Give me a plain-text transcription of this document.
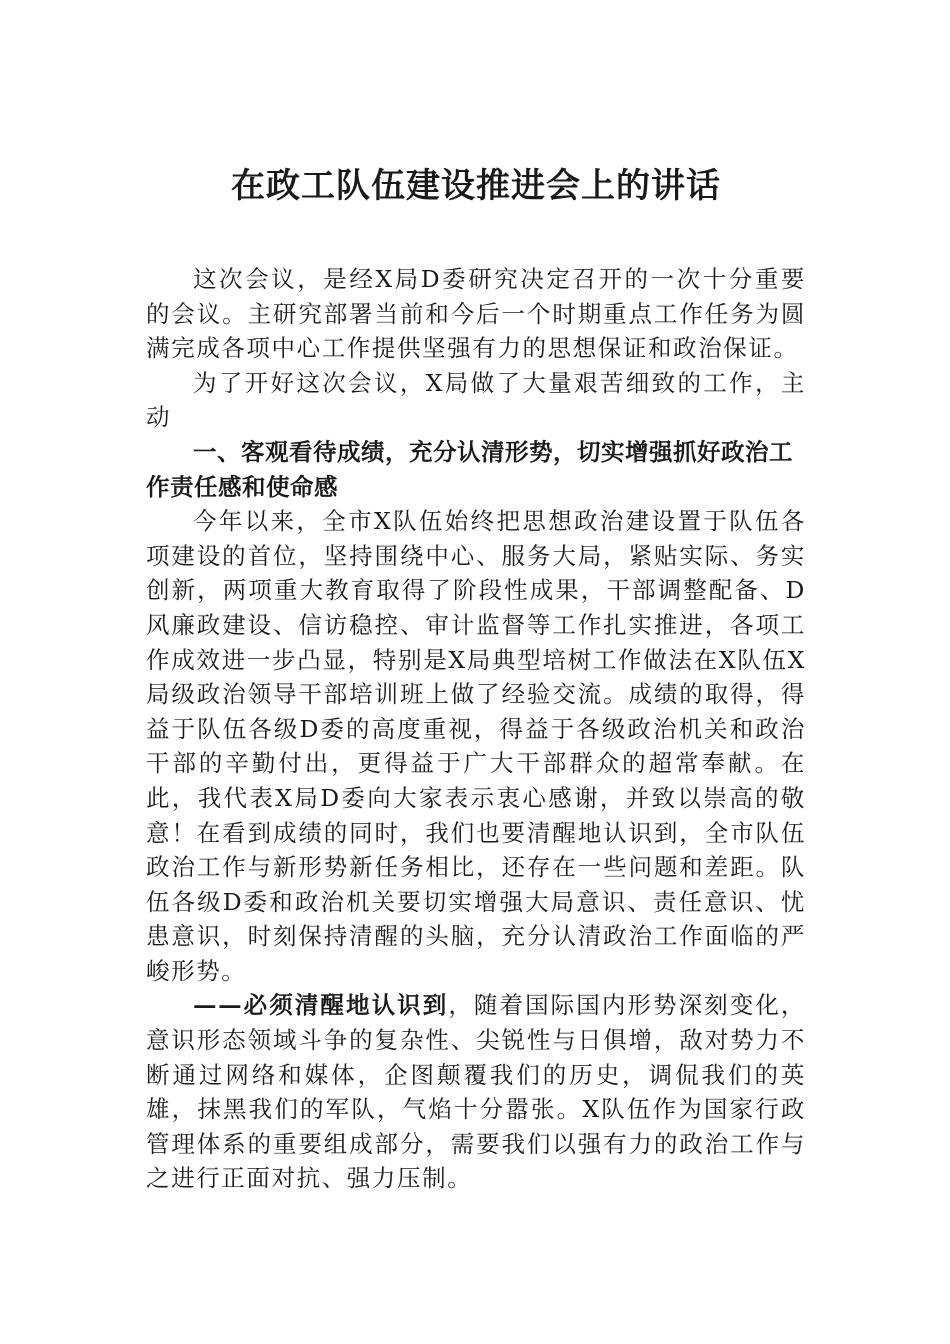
在政工队伍建设推进会上的讲话

这次会议，是经X局D委研究决定召开的一次十分重要的会议。主研究部署当前和今后一个时期重点工作任务为圆满完成各项中心工作提供坚强有力的思想保证和政治保证。

为了开好这次会议，X局做了大量艰苦细致的工作，主动

一、客观看待成绩，充分认清形势，切实增强抓好政治工作责任感和使命感

今年以来，全市X队伍始终把思想政治建设置于队伍各项建设的首位，坚持围绕中心、服务大局，紧贴实际、务实创新，两项重大教育取得了阶段性成果，干部调整配备、D风廉政建设、信访稳控、审计监督等工作扎实推进，各项工作成效进一步凸显，特别是X局典型培树工作做法在X队伍X局级政治领导干部培训班上做了经验交流。成绩的取得，得益于队伍各级D委的高度重视，得益于各级政治机关和政治干部的辛勤付出，更得益于广大干部群众的超常奉献。在此，我代表X局D委向大家表示衷心感谢，并致以崇高的敬意！在看到成绩的同时，我们也要清醒地认识到，全市队伍政治工作与新形势新任务相比，还存在一些问题和差距。队伍各级D委和政治机关要切实增强大局意识、责任意识、忧患意识，时刻保持清醒的头脑，充分认清政治工作面临的严峻形势。

——必须清醒地认识到，随着国际国内形势深刻变化，意识形态领域斗争的复杂性、尖锐性与日俱增，敌对势力不断通过网络和媒体，企图颠覆我们的历史，调侃我们的英雄，抹黑我们的军队，气焰十分嚣张。X队伍作为国家行政管理体系的重要组成部分，需要我们以强有力的政治工作与之进行正面对抗、强力压制。
